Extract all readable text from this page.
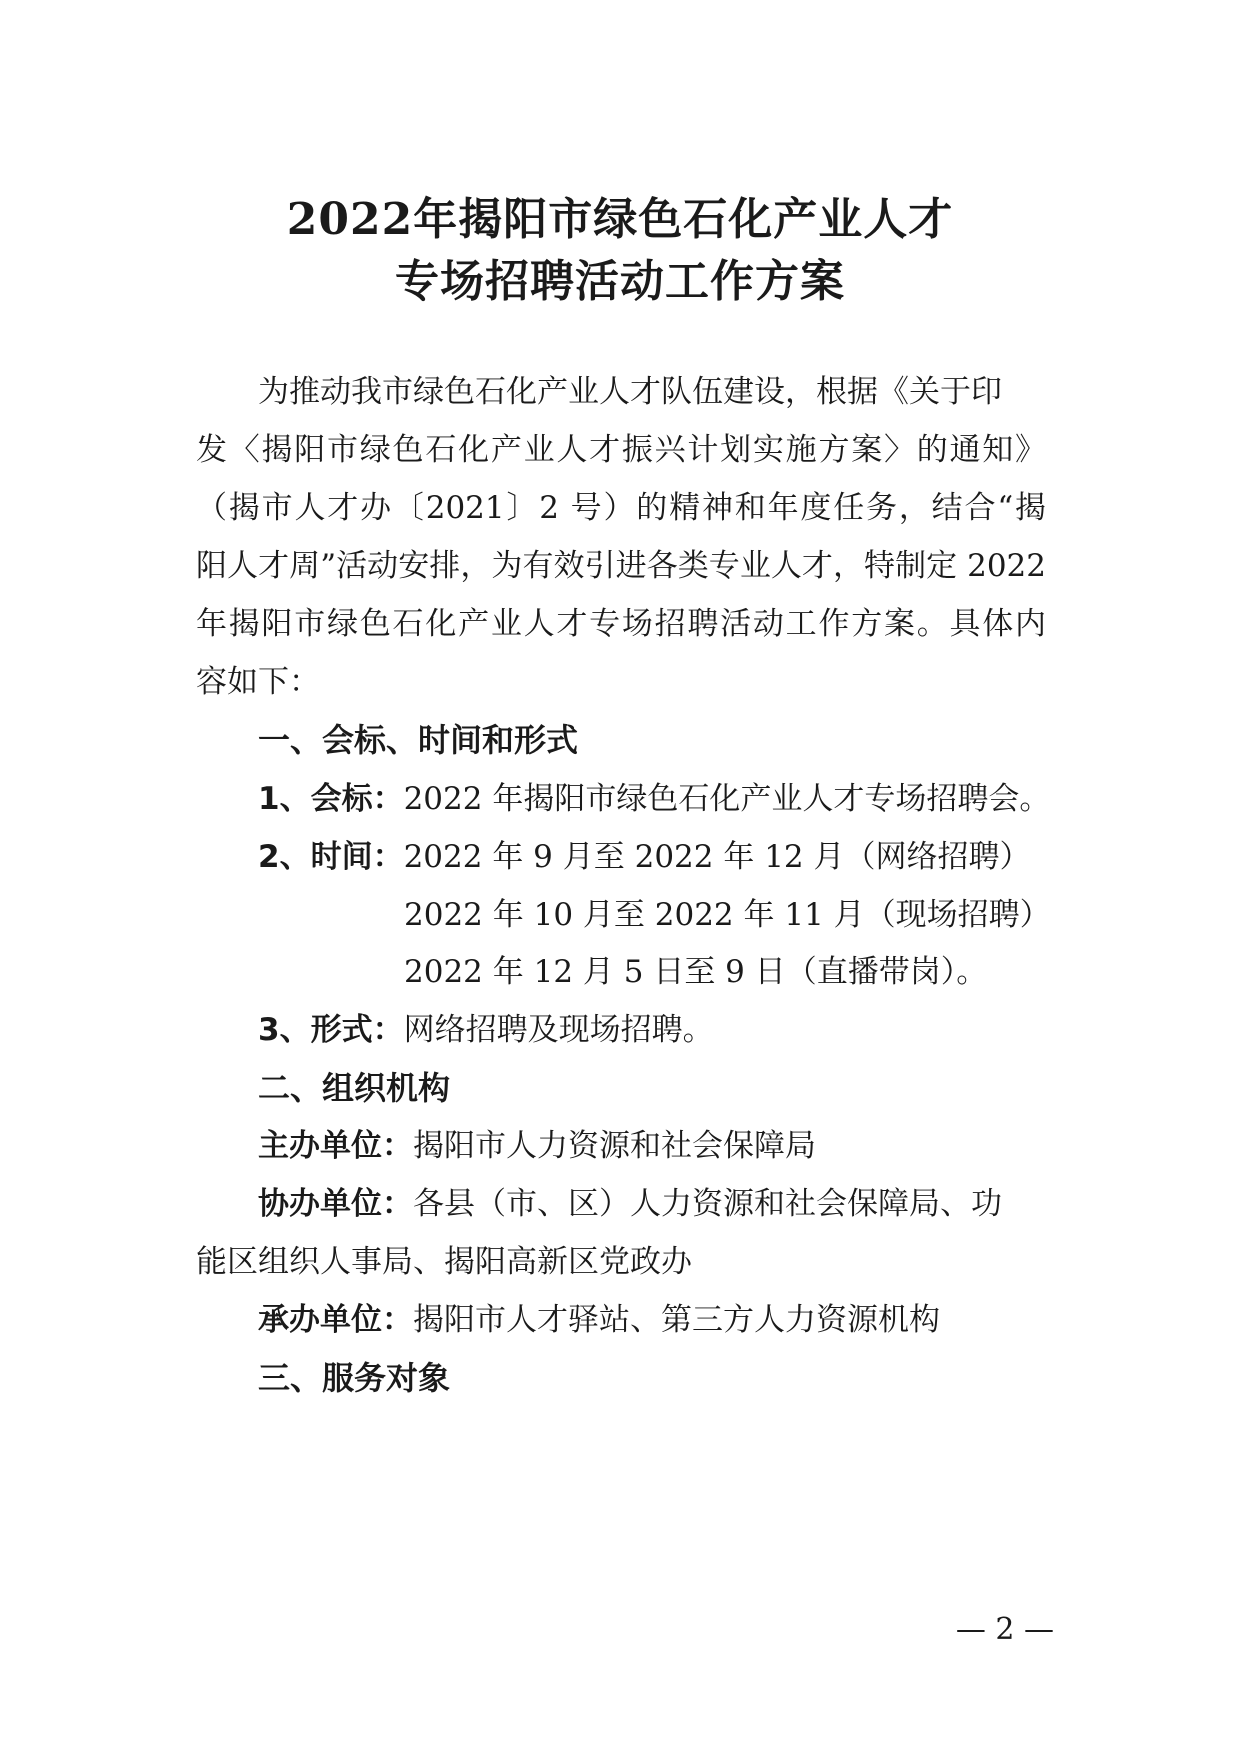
2022年揭阳市绿色石化产业人才
专场招聘活动工作方案
为推动我市绿色石化产业人才队伍建设，根据《关于印
发〈揭阳市绿色石化产业人才振兴计划实施方案〉的通知》
（揭市人才办〔2021〕2 号）的精神和年度任务，结合“揭
阳人才周”活动安排，为有效引进各类专业人才，特制定 2022
年揭阳市绿色石化产业人才专场招聘活动工作方案。具体内
容如下：
一、会标、时间和形式
1、会标：2022 年揭阳市绿色石化产业人才专场招聘会。
2、时间：2022 年 9 月至 2022 年 12 月（网络招聘）
2022 年 10 月至 2022 年 11 月（现场招聘）
2022 年 12 月 5 日至 9 日（直播带岗）。
3、形式：网络招聘及现场招聘。
二、组织机构
主办单位：揭阳市人力资源和社会保障局
协办单位：各县（市、区）人力资源和社会保障局、功
能区组织人事局、揭阳高新区党政办
承办单位：揭阳市人才驿站、第三方人力资源机构
三、服务对象
— 2 —
